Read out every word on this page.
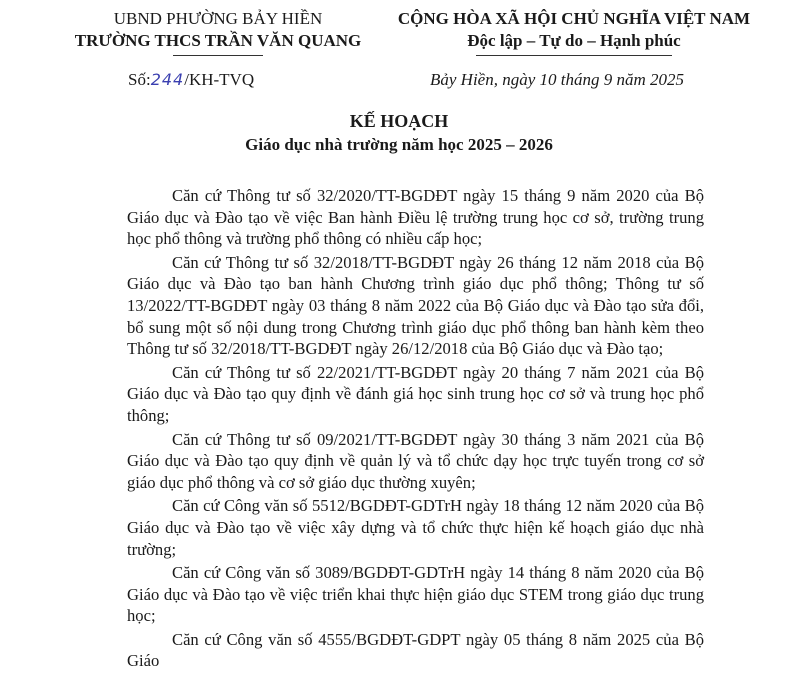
UBND PHƯỜNG BẢY HIỀN
TRƯỜNG THCS TRẦN VĂN QUANG
CỘNG HÒA XÃ HỘI CHỦ NGHĨA VIỆT NAM
Độc lập – Tự do – Hạnh phúc
Số:244/KH-TVQ	Bảy Hiền, ngày 10 tháng 9 năm 2025
KẾ HOẠCH
Giáo dục nhà trường năm học 2025 – 2026

Căn cứ Thông tư số 32/2020/TT-BGDĐT ngày 15 tháng 9 năm 2020 của Bộ Giáo dục và Đào tạo về việc Ban hành Điều lệ trường trung học cơ sở, trường trung học phổ thông và trường phổ thông có nhiều cấp học;

Căn cứ Thông tư số 32/2018/TT-BGDĐT ngày 26 tháng 12 năm 2018 của Bộ Giáo dục và Đào tạo ban hành Chương trình giáo dục phổ thông; Thông tư số 13/2022/TT-BGDĐT ngày 03 tháng 8 năm 2022 của Bộ Giáo dục và Đào tạo sửa đổi, bổ sung một số nội dung trong Chương trình giáo dục phổ thông ban hành kèm theo Thông tư số 32/2018/TT-BGDĐT ngày 26/12/2018 của Bộ Giáo dục và Đào tạo;

Căn cứ Thông tư số 22/2021/TT-BGDĐT ngày 20 tháng 7 năm 2021 của Bộ Giáo dục và Đào tạo quy định về đánh giá học sinh trung học cơ sở và trung học phổ thông;

Căn cứ Thông tư số 09/2021/TT-BGDĐT ngày 30 tháng 3 năm 2021 của Bộ Giáo dục và Đào tạo quy định về quản lý và tổ chức dạy học trực tuyến trong cơ sở giáo dục phổ thông và cơ sở giáo dục thường xuyên;

Căn cứ Công văn số 5512/BGDĐT-GDTrH ngày 18 tháng 12 năm 2020 của Bộ Giáo dục và Đào tạo về việc xây dựng và tổ chức thực hiện kế hoạch giáo dục nhà trường;

Căn cứ Công văn số 3089/BGDĐT-GDTrH ngày 14 tháng 8 năm 2020 của Bộ Giáo dục và Đào tạo về việc triển khai thực hiện giáo dục STEM trong giáo dục trung học;

Căn cứ Công văn số 4555/BGDĐT-GDPT ngày 05 tháng 8 năm 2025 của Bộ Giáo
